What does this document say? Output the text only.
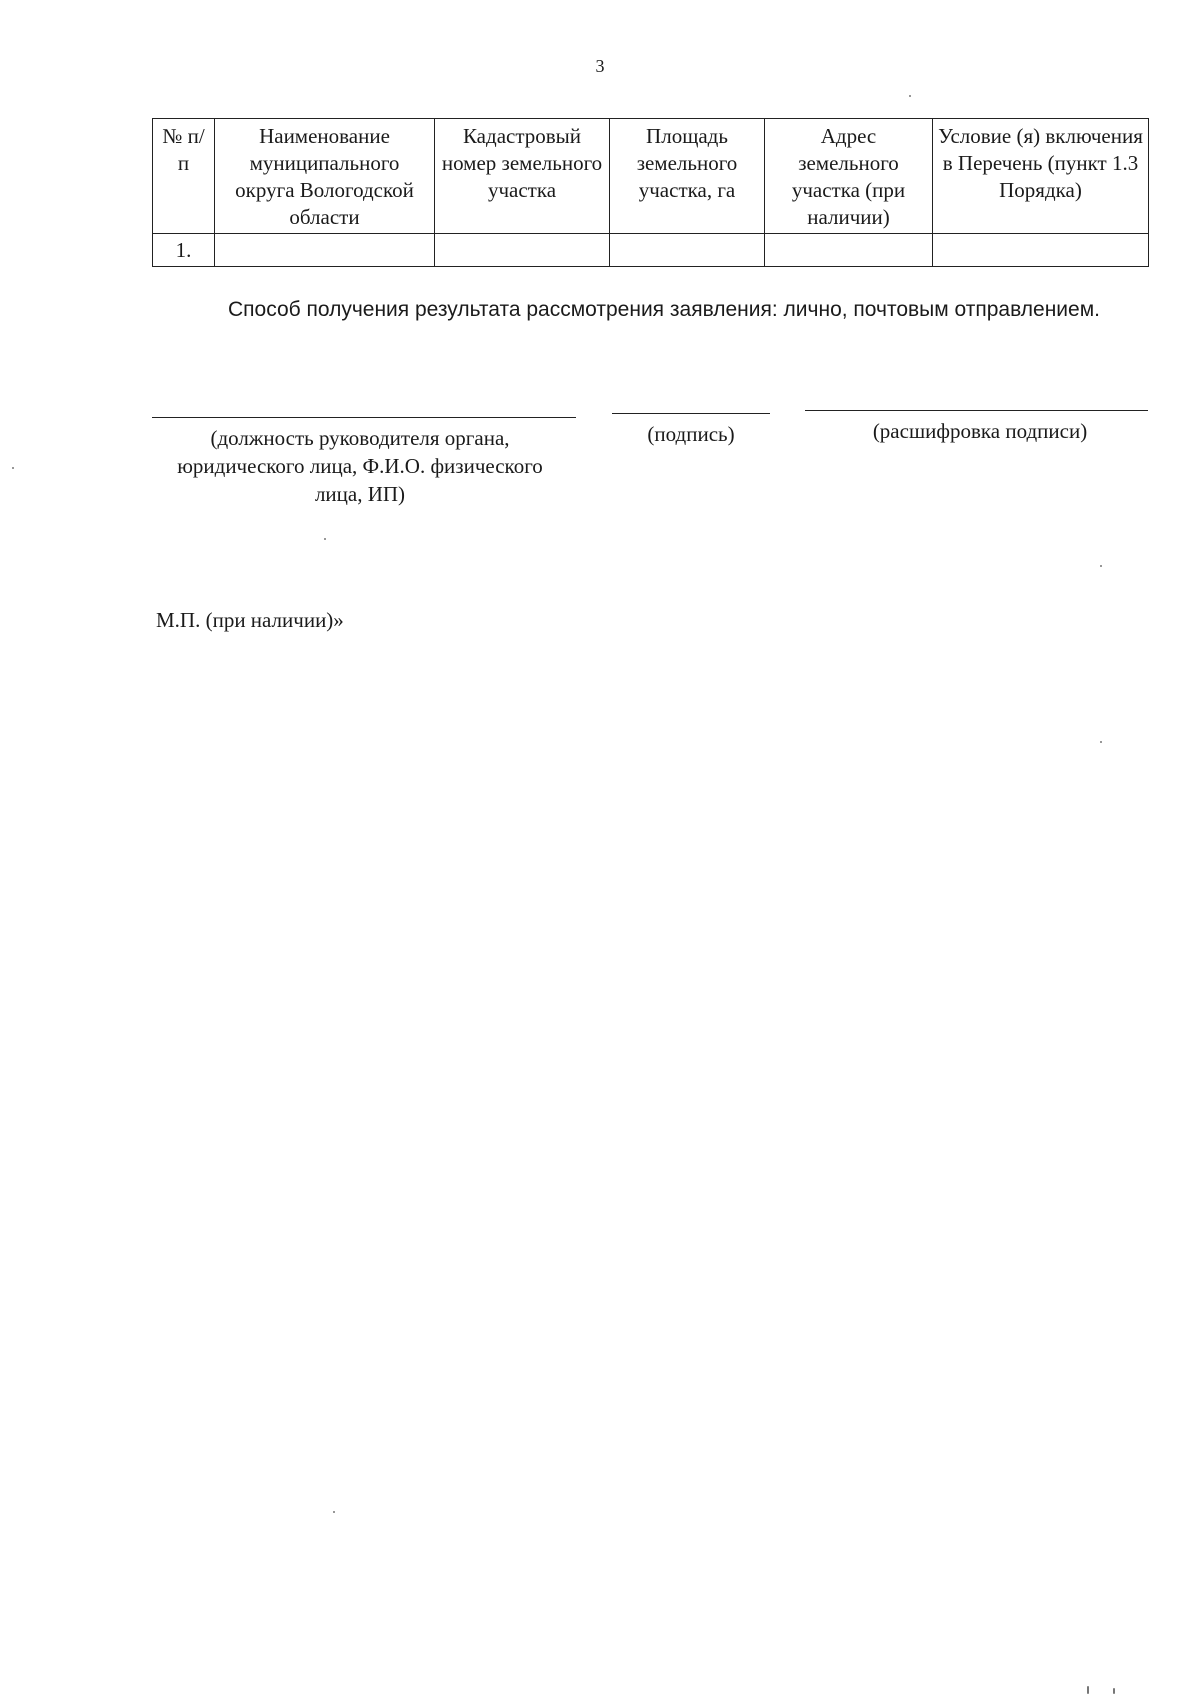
3
№ п/п	Наименование муниципального округа Вологодской области	Кадастровый номер земельного участка	Площадь земельного участка, га	Адрес земельного участка (при наличии)	Условие (я) включения в Перечень (пункт 1.3 Порядка)
1.					
Способ получения результата рассмотрения заявления: лично, почтовым отправлением.
(должность руководителя органа, юридического лица, Ф.И.О. физического лица, ИП)
(подпись)	(расшифровка подписи)
М.П. (при наличии)»
